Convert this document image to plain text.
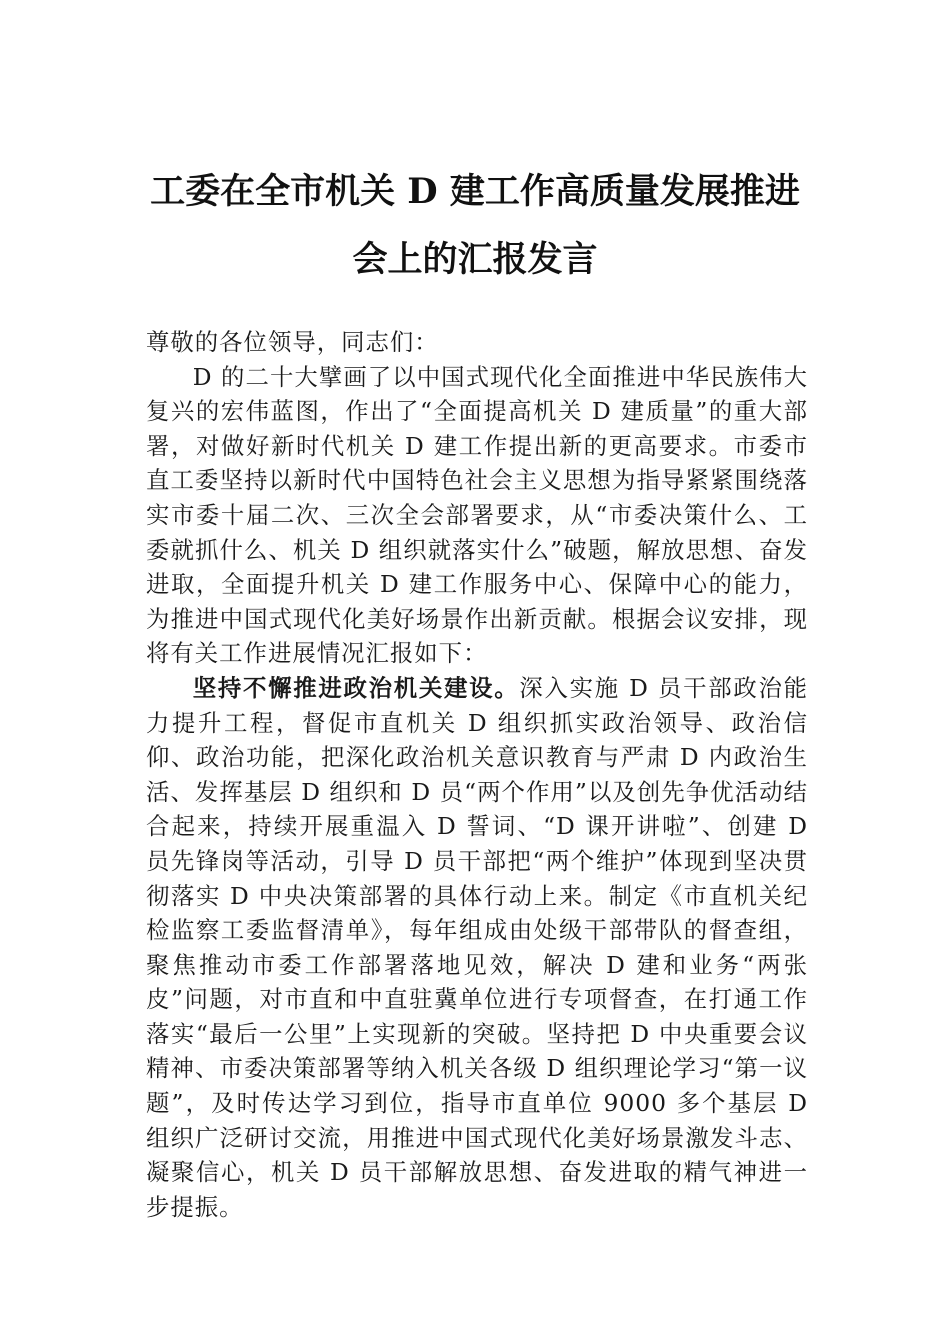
工委在全市机关 D 建工作高质量发展推进
会上的汇报发言

尊敬的各位领导，同志们：

D 的二十大擘画了以中国式现代化全面推进中华民族伟大复兴的宏伟蓝图，作出了“全面提高机关 D 建质量”的重大部署，对做好新时代机关 D 建工作提出新的更高要求。市委市直工委坚持以新时代中国特色社会主义思想为指导紧紧围绕落实市委十届二次、三次全会部署要求，从“市委决策什么、工委就抓什么、机关 D 组织就落实什么”破题，解放思想、奋发进取，全面提升机关 D 建工作服务中心、保障中心的能力，为推进中国式现代化美好场景作出新贡献。根据会议安排，现将有关工作进展情况汇报如下：

坚持不懈推进政治机关建设。深入实施 D 员干部政治能力提升工程，督促市直机关 D 组织抓实政治领导、政治信仰、政治功能，把深化政治机关意识教育与严肃 D 内政治生活、发挥基层 D 组织和 D 员“两个作用”以及创先争优活动结合起来，持续开展重温入 D 誓词、“D 课开讲啦”、创建 D 员先锋岗等活动，引导 D 员干部把“两个维护”体现到坚决贯彻落实 D 中央决策部署的具体行动上来。制定《市直机关纪检监察工委监督清单》，每年组成由处级干部带队的督查组，聚焦推动市委工作部署落地见效，解决 D 建和业务“两张皮”问题，对市直和中直驻冀单位进行专项督查，在打通工作落实“最后一公里”上实现新的突破。坚持把 D 中央重要会议精神、市委决策部署等纳入机关各级 D 组织理论学习“第一议题”，及时传达学习到位，指导市直单位 9000 多个基层 D 组织广泛研讨交流，用推进中国式现代化美好场景激发斗志、凝聚信心，机关 D 员干部解放思想、奋发进取的精气神进一步提振。
